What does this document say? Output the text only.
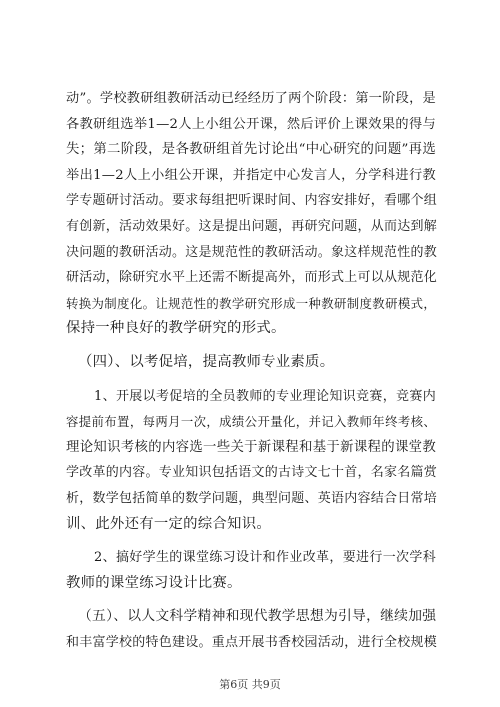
动”。学校教研组教研活动已经经历了两个阶段：第一阶段，是
各教研组选举1—2人上小组公开课，然后评价上课效果的得与
失；第二阶段，是各教研组首先讨论出“中心研究的问题”再选
举出1—2人上小组公开课，并指定中心发言人，分学科进行教
学专题研讨活动。要求每组把听课时间、内容安排好，看哪个组
有创新，活动效果好。这是提出问题，再研究问题，从而达到解
决问题的教研活动。这是规范性的教研活动。象这样规范性的教
研活动，除研究水平上还需不断提高外，而形式上可以从规范化
转换为制度化。让规范性的教学研究形成一种教研制度教研模式，
保持一种良好的教学研究的形式。
（四）、以考促培，提高教师专业素质。
1、开展以考促培的全员教师的专业理论知识竞赛，竞赛内
容提前布置，每两月一次，成绩公开量化，并记入教师年终考核、
理论知识考核的内容选一些关于新课程和基于新课程的课堂教
学改革的内容。专业知识包括语文的古诗文七十首，名家名篇赏
析，数学包括简单的数学问题，典型问题、英语内容结合日常培
训、此外还有一定的综合知识。
2、搞好学生的课堂练习设计和作业改革，要进行一次学科
教师的课堂练习设计比赛。
（五）、以人文科学精神和现代教学思想为引导，继续加强
和丰富学校的特色建设。重点开展书香校园活动，进行全校规模
第6页 共9页
